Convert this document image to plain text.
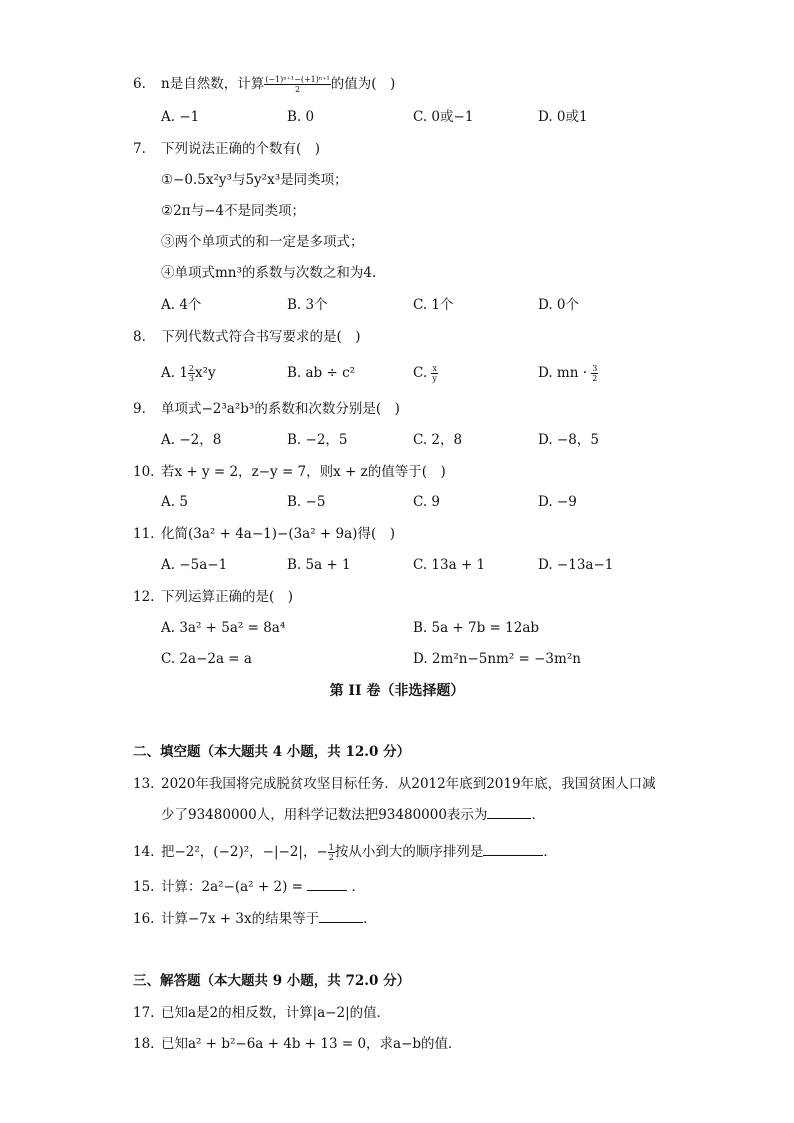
6. n是自然数，计算 $\frac{\text{(−1)ⁿ⁺¹−(+1)ⁿ⁺¹}}{2}$ 的值为(　)
A. −1	B. 0	C. 0或−1	D. 0或1
7. 下列说法正确的个数有(　)
①−0.5x²y³与5y²x³是同类项；
②2π与−4不是同类项；
③两个单项式的和一定是多项式；
④单项式mn³的系数与次数之和为4.
A. 4个	B. 3个	C. 1个	D. 0个
8. 下列代数式符合书写要求的是(　)
A. $1 \frac{2}{3} x^2y$	B. ab ÷ c²	C. $\frac{x}{y}$	D. mn · $\frac{3}{2}$
9. 单项式−2³a²b³的系数和次数分别是(　)
A. −2，8	B. −2，5	C. 2，8	D. −8，5
10. 若x + y = 2，z−y = 7，则x + z的值等于(　)
A. 5	B. −5	C. 9	D. −9
11. 化简(3a² + 4a−1)−(3a² + 9a)得(　)
A. −5a−1	B. 5a + 1	C. 13a + 1	D. −13a−1
12. 下列运算正确的是(　)
A. 3a² + 5a² = 8a⁴	B. 5a + 7b = 12ab
C. 2a−2a = a	D. 2m²n−5nm² = −3m²n
第 II 卷（非选择题）
二、填空题（本大题共 4 小题，共 12.0 分）
13. 2020年我国将完成脱贫攻坚目标任务．从2012年底到2019年底，我国贫困人口减
少了93480000人，用科学记数法把93480000表示为	．
14. 把−2²，(−2)²，−|−2|，− $\frac{1}{2}$ 按从小到大的顺序排列是	．
15. 计算：2a²−(a² + 2) =	．
16. 计算−7x + 3x的结果等于	．
三、解答题（本大题共 9 小题，共 72.0 分）
17. 已知a是2的相反数，计算|a−2|的值．
18. 已知a² + b²−6a + 4b + 13 = 0，求a−b的值．
